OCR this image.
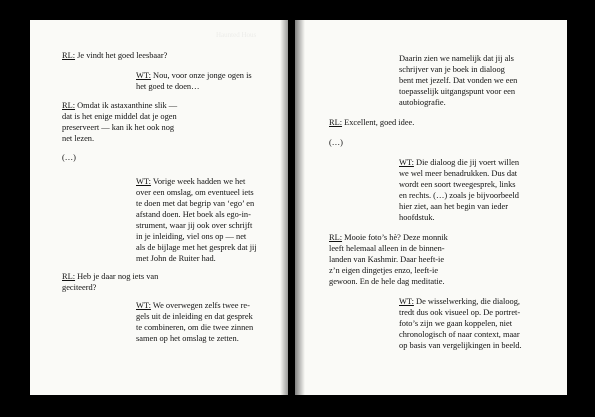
Haunted Hous

RL: Je vindt het goed leesbaar?

WT: Nou, voor onze jonge ogen is

het goed te doen…

RL: Omdat ik astaxanthine slik —

dat is het enige middel dat je ogen

preserveert — kan ik het ook nog

net lezen.

(…)

WT: Vorige week hadden we het

over een omslag, om eventueel iets

te doen met dat begrip van ‘ego’ en

afstand doen. Het boek als ego-in-

strument, waar jij ook over schrijft

in je inleiding, viel ons op — net

als de bijlage met het gesprek dat jij

met John de Ruiter had.

RL: Heb je daar nog iets van

geciteerd?

WT: We overwegen zelfs twee re-

gels uit de inleiding en dat gesprek

te combineren, om die twee zinnen

samen op het omslag te zetten.

Daarin zien we namelijk dat jij als

schrijver van je boek in dialoog

bent met jezelf. Dat vonden we een

toepasselijk uitgangspunt voor een

autobiografie.

RL: Excellent, goed idee.

(…)

WT: Die dialoog die jij voert willen

we wel meer benadrukken. Dus dat

wordt een soort tweegesprek, links

en rechts. (…) zoals je bijvoorbeeld

hier ziet, aan het begin van ieder

hoofdstuk.

RL: Mooie foto’s hè? Deze monnik

leeft helemaal alleen in de binnen-

landen van Kashmir. Daar heeft-ie

z’n eigen dingetjes enzo, leeft-ie

gewoon. En de hele dag meditatie.

WT: De wisselwerking, die dialoog,

tredt dus ook visueel op. De portret-

foto’s zijn we gaan koppelen, niet

chronologisch of naar context, maar

op basis van vergelijkingen in beeld.
